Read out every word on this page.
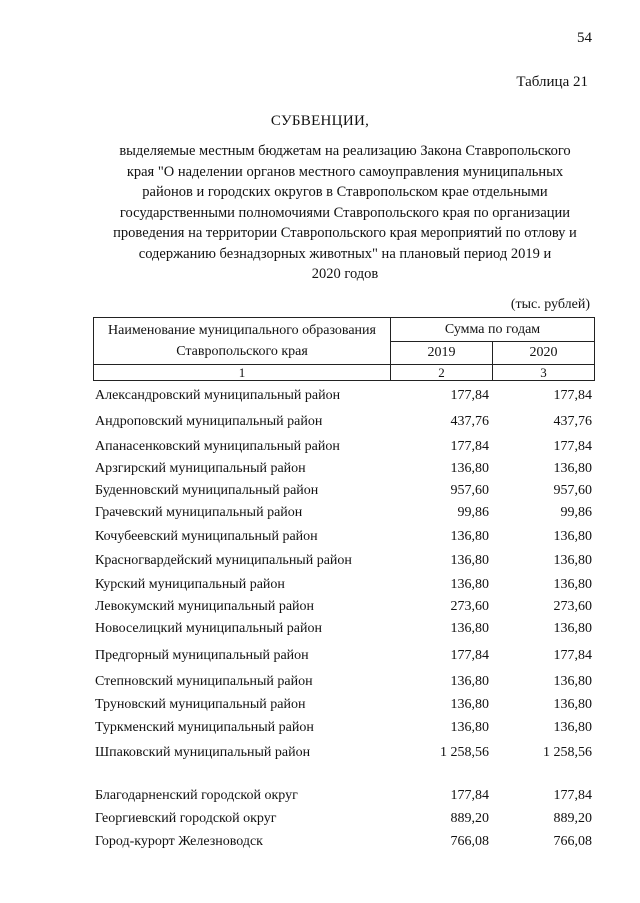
54
Таблица 21
СУБВЕНЦИИ,
выделяемые местным бюджетам на реализацию Закона Ставропольского
края "О наделении органов местного самоуправления муниципальных
районов и городских округов в Ставропольском крае отдельными
государственными полномочиями Ставропольского края по организации
проведения на территории Ставропольского края мероприятий по отлову и
содержанию безнадзорных животных" на плановый период 2019 и
2020 годов
(тыс. рублей)
Наименование муниципального образования Ставропольского края	Сумма по годам	
	2019	2020
1	2	3
Александровский муниципальный район	177,84	177,84
Андроповский муниципальный район	437,76	437,76
Апанасенковский муниципальный район	177,84	177,84
Арзгирский муниципальный район	136,80	136,80
Буденновский муниципальный район	957,60	957,60
Грачевский муниципальный район	99,86	99,86
Кочубеевский муниципальный район	136,80	136,80
Красногвардейский муниципальный район	136,80	136,80
Курский муниципальный район	136,80	136,80
Левокумский муниципальный район	273,60	273,60
Новоселицкий муниципальный район	136,80	136,80
Предгорный муниципальный район	177,84	177,84
Степновский муниципальный район	136,80	136,80
Труновский муниципальный район	136,80	136,80
Туркменский муниципальный район	136,80	136,80
Шпаковский муниципальный район	1 258,56	1 258,56
Благодарненский городской округ	177,84	177,84
Георгиевский городской округ	889,20	889,20
Город-курорт Железноводск	766,08	766,08
